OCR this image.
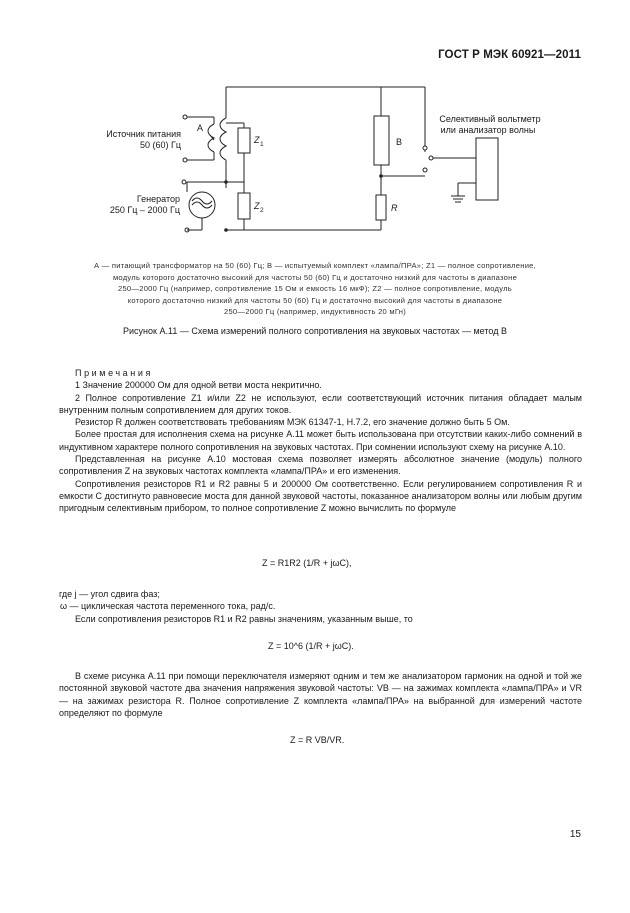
ГОСТ Р МЭК 60921—2011
Источник питания
50 (60) Гц
Генератор
250 Гц – 2000 Гц
А
Z 1
Z 2
B
R
Селективный вольтметр
или анализатор волны
А — питающий трансформатор на 50 (60) Гц; B — испытуемый комплект «лампа/ПРА»; Z1 — полное сопротивление,
модуль которого достаточно высокий для частоты 50 (60) Гц и достаточно низкий для частоты в диапазоне
250—2000 Гц (например, сопротивление 15 Ом и емкость 16 мкФ); Z2 — полное сопротивление, модуль
которого достаточно низкий для частоты 50 (60) Гц и достаточно высокий для частоты в диапазоне
250—2000 Гц (например, индуктивность 20 мГн)
Рисунок А.11 — Схема измерений полного сопротивления на звуковых частотах — метод В

Примечания

1 Значение 200000 Ом для одной ветви моста некритично.

2 Полное сопротивление Z1 и/или Z2 не используют, если соответствующий источник питания обладает малым внутренним полным сопротивлением для других токов.

Резистор R должен соответствовать требованиям МЭК 61347-1, Н.7.2, его значение должно быть 5 Ом.

Более простая для исполнения схема на рисунке А.11 может быть использована при отсутствии каких-либо сомнений в индуктивном характере полного сопротивления на звуковых частотах. При сомнении используют схему на рисунке А.10.

Представленная на рисунке А.10 мостовая схема позволяет измерять абсолютное значение (модуль) полного сопротивления Z на звуковых частотах комплекта «лампа/ПРА» и его изменения.

Сопротивления резисторов R1 и R2 равны 5 и 200000 Ом соответственно. Если регулированием сопротивления R и емкости C достигнуто равновесие моста для данной звуковой частоты, показанное анализатором волны или любым другим пригодным селективным прибором, то полное сопротивление Z можно вычислить по формуле

Z = R1R2 (1/R + jωC),

где j — угол сдвига фаз;

ω — циклическая частота переменного тока, рад/с.

Если сопротивления резисторов R1 и R2 равны значениям, указанным выше, то

Z = 10^6 (1/R + jωC).

В схеме рисунка А.11 при помощи переключателя измеряют одним и тем же анализатором гармоник на одной и той же постоянной звуковой частоте два значения напряжения звуковой частоты: VB — на зажимах комплекта «лампа/ПРА» и VR — на зажимах резистора R. Полное сопротивление Z комплекта «лампа/ПРА» на выбранной для измерений частоте определяют по формуле

Z = R VB/VR.
15
